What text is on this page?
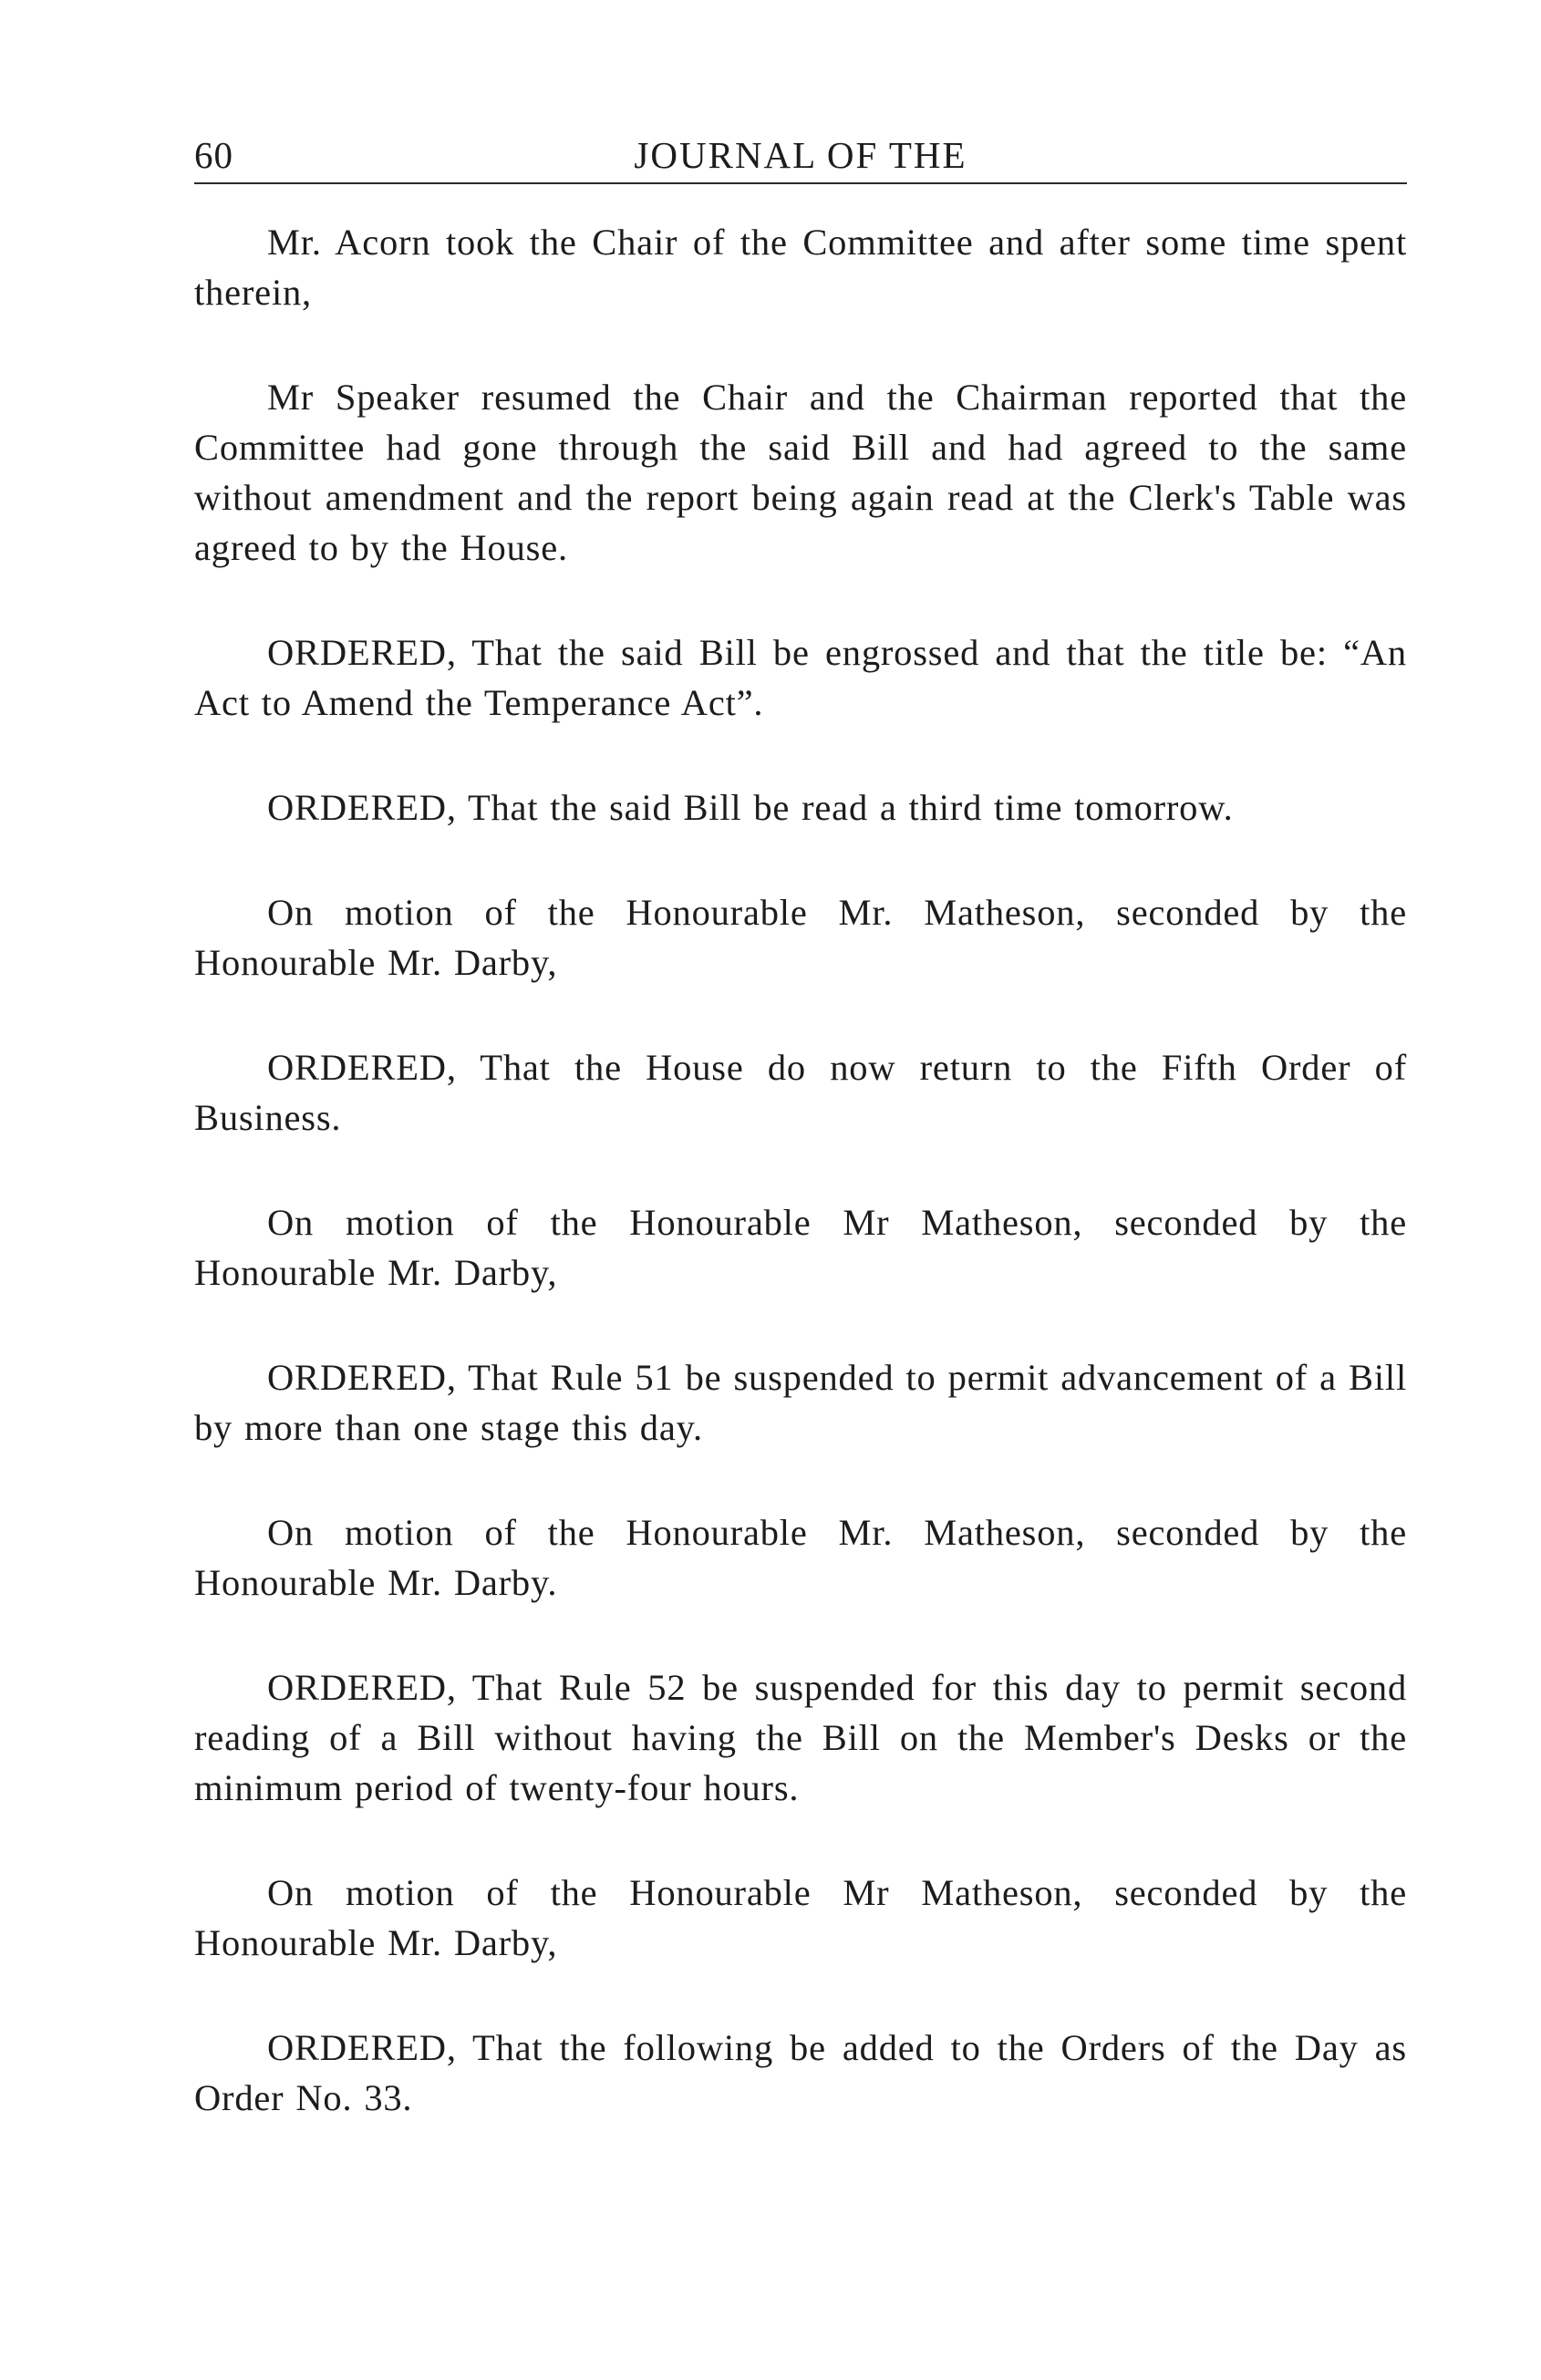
60	JOURNAL OF THE

Mr. Acorn took the Chair of the Committee and after some time spent therein,

Mr Speaker resumed the Chair and the Chairman reported that the Committee had gone through the said Bill and had agreed to the same without amendment and the report being again read at the Clerk's Table was agreed to by the House.

ORDERED, That the said Bill be engrossed and that the title be: “An Act to Amend the Temperance Act”.

ORDERED, That the said Bill be read a third time tomorrow.

On motion of the Honourable Mr. Matheson, seconded by the Honourable Mr. Darby,

ORDERED, That the House do now return to the Fifth Order of Business.

On motion of the Honourable Mr Matheson, seconded by the Honourable Mr. Darby,

ORDERED, That Rule 51 be suspended to permit advancement of a Bill by more than one stage this day.

On motion of the Honourable Mr. Matheson, seconded by the Honourable Mr. Darby.

ORDERED, That Rule 52 be suspended for this day to permit second reading of a Bill without having the Bill on the Member's Desks or the minimum period of twenty-four hours.

On motion of the Honourable Mr Matheson, seconded by the Honourable Mr. Darby,

ORDERED, That the following be added to the Orders of the Day as Order No. 33.
